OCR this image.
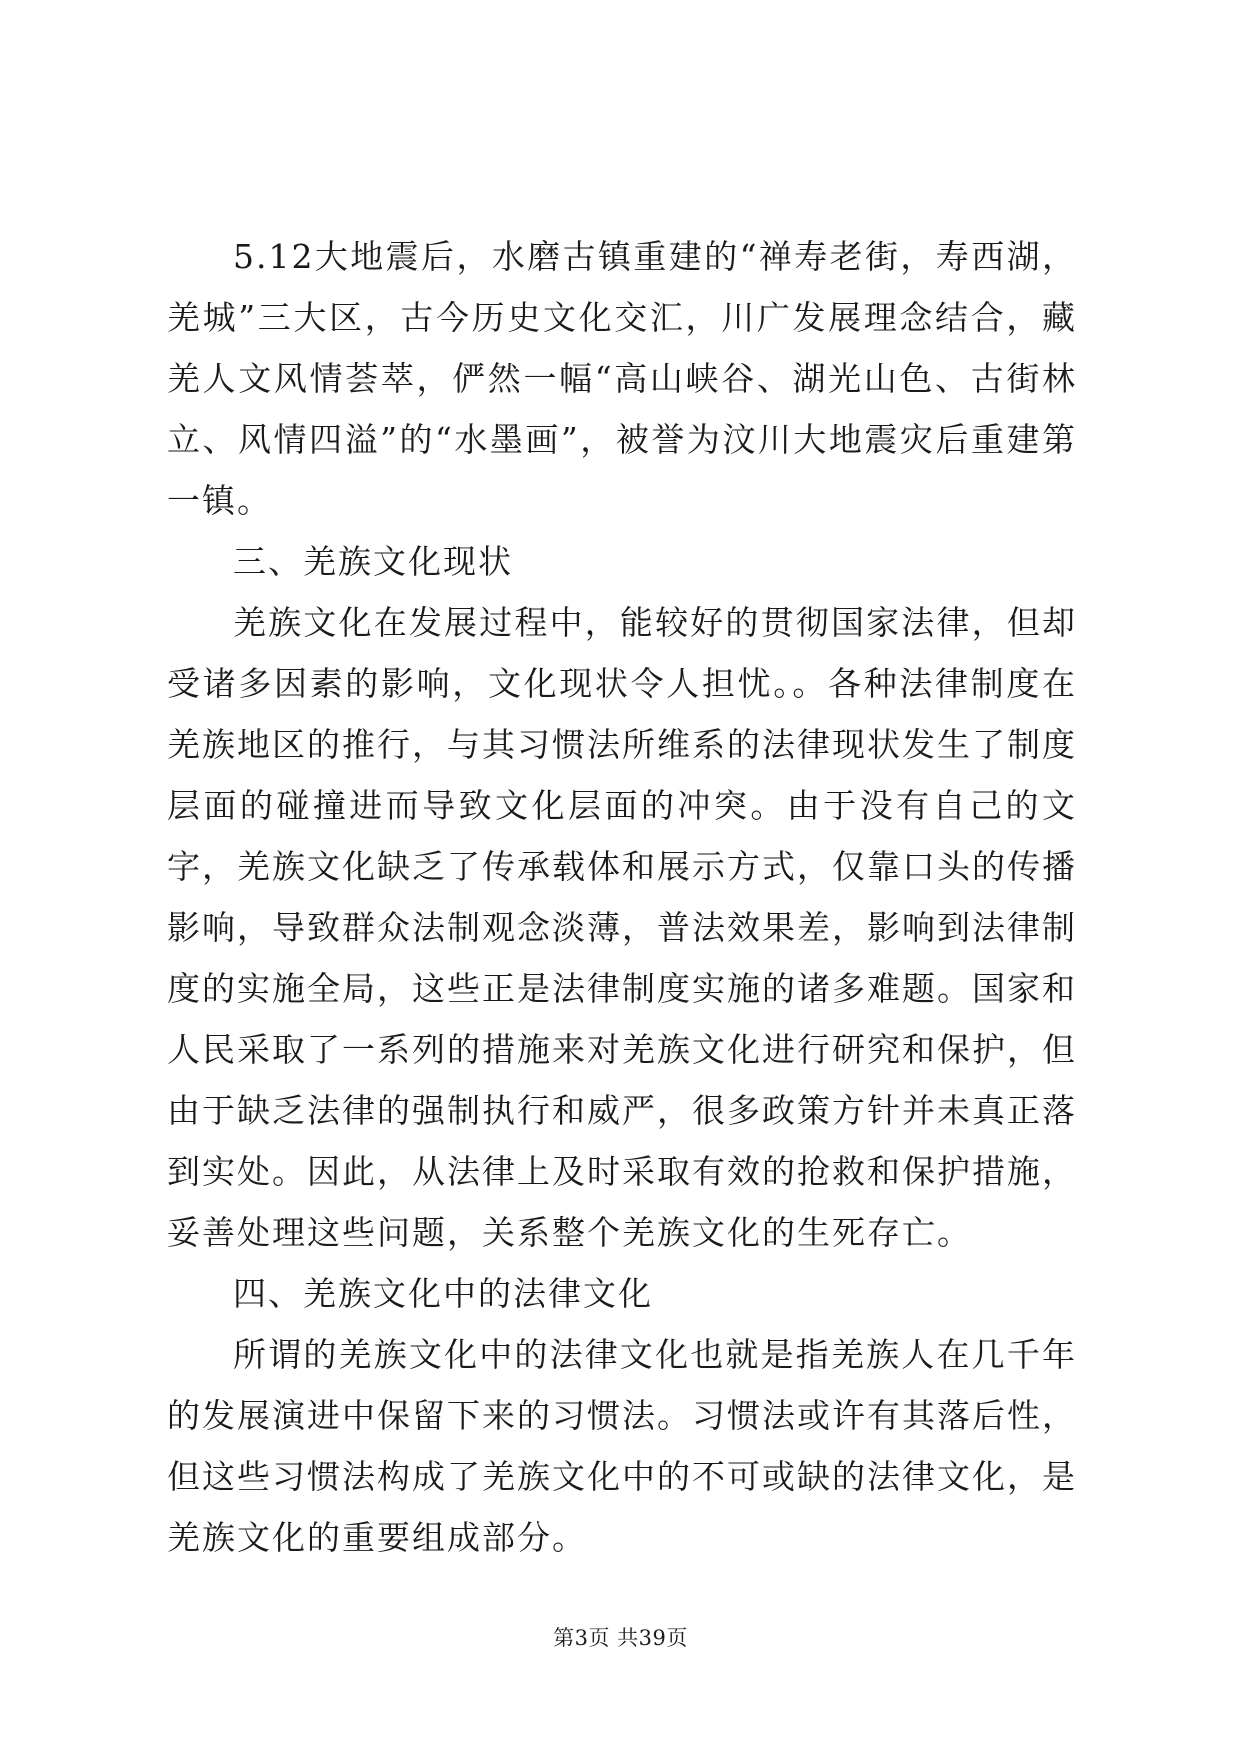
5.12大地震后，水磨古镇重建的“禅寿老街，寿西湖，羌城”三大区，古今历史文化交汇，川广发展理念结合，藏羌人文风情荟萃，俨然一幅“高山峡谷、湖光山色、古街林立、风情四溢”的“水墨画”，被誉为汶川大地震灾后重建第一镇。

三、羌族文化现状

羌族文化在发展过程中，能较好的贯彻国家法律，但却受诸多因素的影响，文化现状令人担忧。。各种法律制度在羌族地区的推行，与其习惯法所维系的法律现状发生了制度层面的碰撞进而导致文化层面的冲突。由于没有自己的文字，羌族文化缺乏了传承载体和展示方式，仅靠口头的传播影响，导致群众法制观念淡薄，普法效果差，影响到法律制度的实施全局，这些正是法律制度实施的诸多难题。国家和人民采取了一系列的措施来对羌族文化进行研究和保护，但由于缺乏法律的强制执行和威严，很多政策方针并未真正落到实处。因此，从法律上及时采取有效的抢救和保护措施，妥善处理这些问题，关系整个羌族文化的生死存亡。

四、羌族文化中的法律文化

所谓的羌族文化中的法律文化也就是指羌族人在几千年的发展演进中保留下来的习惯法。习惯法或许有其落后性，但这些习惯法构成了羌族文化中的不可或缺的法律文化，是羌族文化的重要组成部分。

第3页 共39页
